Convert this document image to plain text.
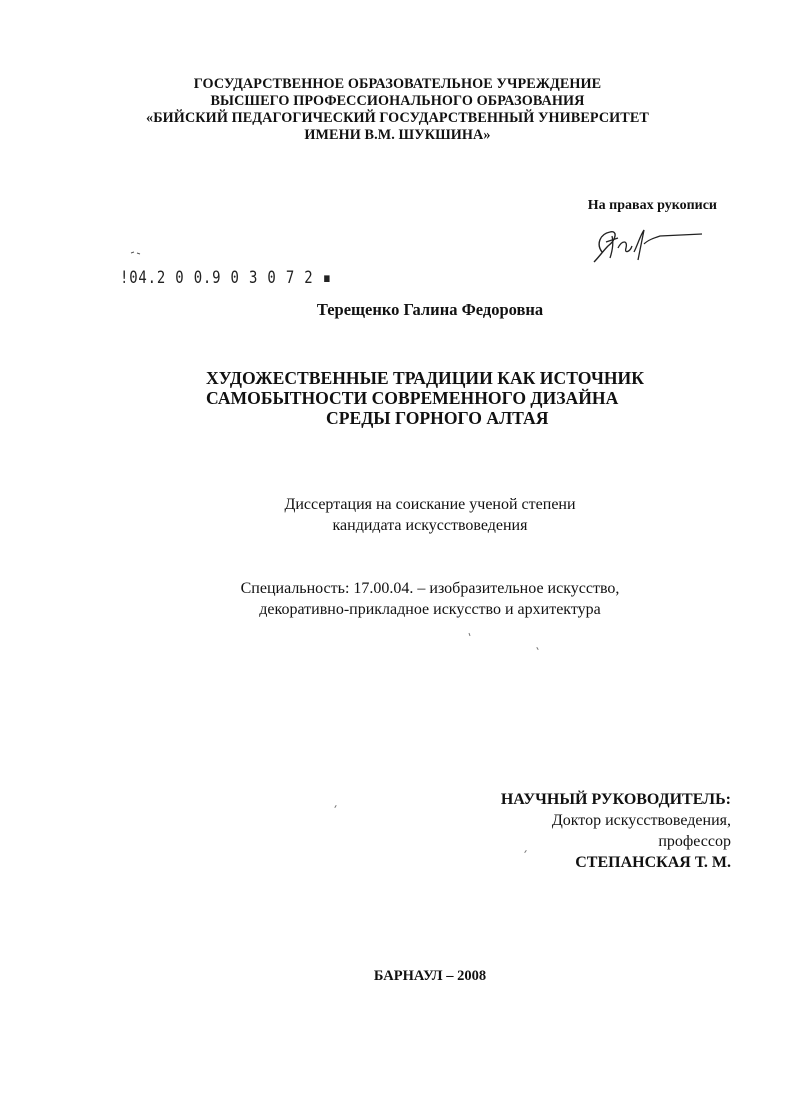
ГОСУДАРСТВЕННОЕ ОБРАЗОВАТЕЛЬНОЕ УЧРЕЖДЕНИЕ
ВЫСШЕГО ПРОФЕССИОНАЛЬНОГО ОБРАЗОВАНИЯ
«БИЙСКИЙ ПЕДАГОГИЧЕСКИЙ ГОСУДАРСТВЕННЫЙ УНИВЕРСИТЕТ
ИМЕНИ В.М. ШУКШИНА»
На правах рукописи
!04.2 0 0.9 0 3 0 7 2 ▪
Терещенко Галина Федоровна
ХУДОЖЕСТВЕННЫЕ ТРАДИЦИИ КАК ИСТОЧНИК
САМОБЫТНОСТИ СОВРЕМЕННОГО ДИЗАЙНА
СРЕДЫ ГОРНОГО АЛТАЯ
Диссертация на соискание ученой степени
кандидата искусствоведения
Специальность: 17.00.04. – изобразительное искусство,
декоративно-прикладное искусство и архитектура
НАУЧНЫЙ РУКОВОДИТЕЛЬ:
Доктор искусствоведения,
профессор
СТЕПАНСКАЯ Т. М.
БАРНАУЛ – 2008
